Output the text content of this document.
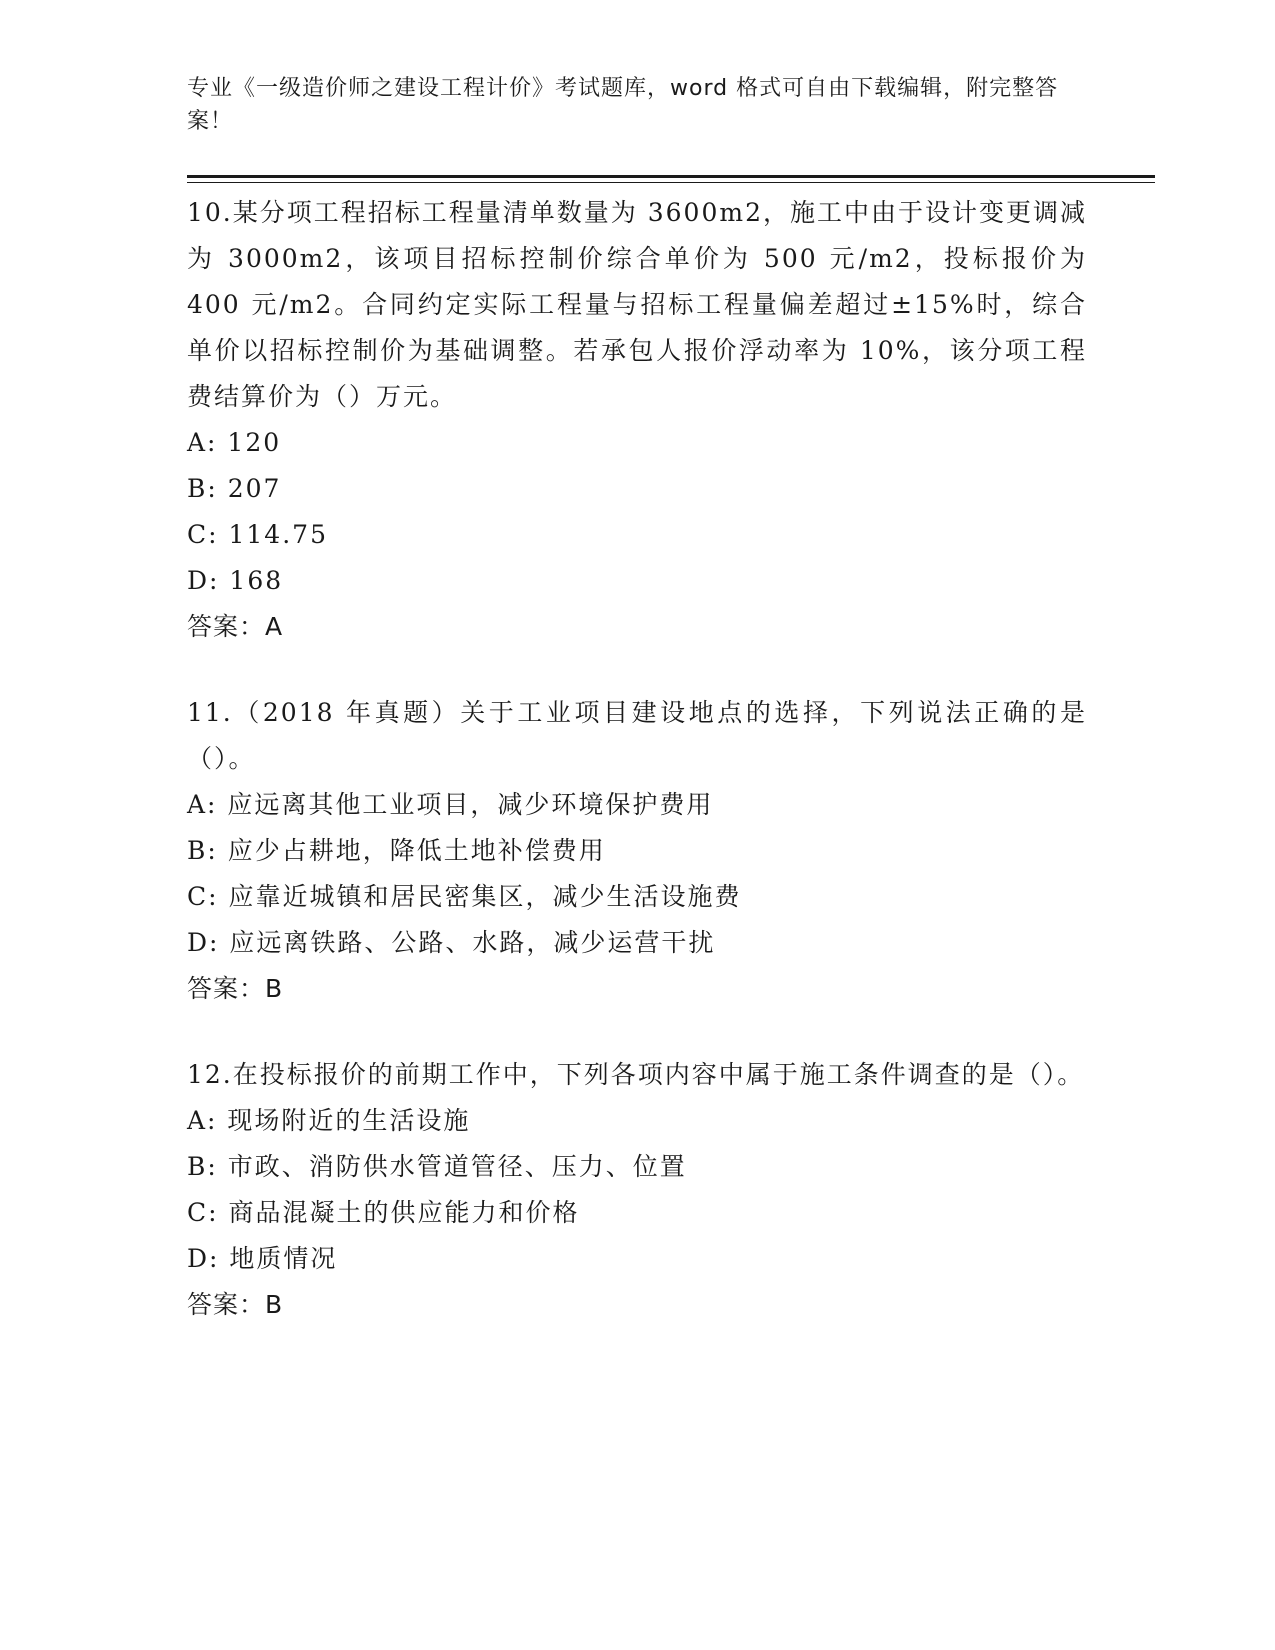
专业《一级造价师之建设工程计价》考试题库，word 格式可自由下载编辑，附完整答案！
10.某分项工程招标工程量清单数量为 3600m2，施工中由于设计变更调减为 3000m2，该项目招标控制价综合单价为 500 元/m2，投标报价为 400 元/m2。合同约定实际工程量与招标工程量偏差超过±15%时，综合单价以招标控制价为基础调整。若承包人报价浮动率为 10%，该分项工程费结算价为（）万元。
A: 120
B: 207
C: 114.75
D: 168
答案：A
11.（2018 年真题）关于工业项目建设地点的选择，下列说法正确的是（）。
A: 应远离其他工业项目，减少环境保护费用
B: 应少占耕地，降低土地补偿费用
C: 应靠近城镇和居民密集区，减少生活设施费
D: 应远离铁路、公路、水路，减少运营干扰
答案：B
12.在投标报价的前期工作中，下列各项内容中属于施工条件调查的是（）。
A: 现场附近的生活设施
B: 市政、消防供水管道管径、压力、位置
C: 商品混凝土的供应能力和价格
D: 地质情况
答案：B
